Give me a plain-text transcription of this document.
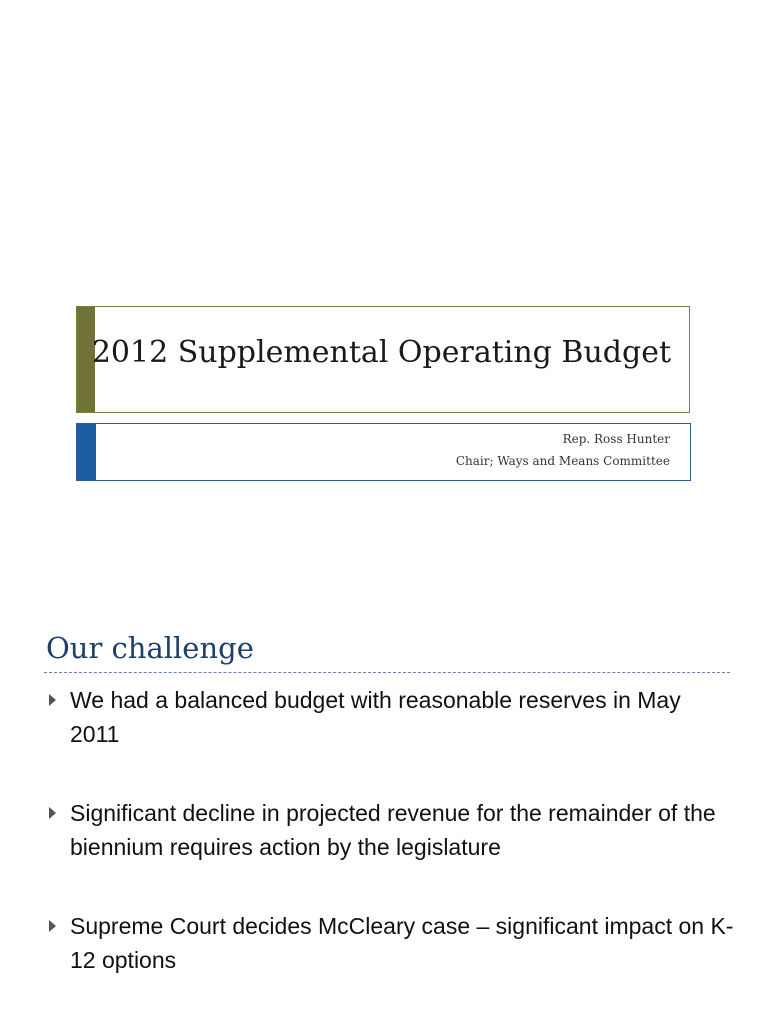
2012 Supplemental Operating Budget
Rep. Ross Hunter
Chair; Ways and Means Committee
Our challenge
We had a balanced budget with reasonable reserves in May 2011
Significant decline in projected revenue for the remainder of the biennium requires action by the legislature
Supreme Court decides McCleary case – significant impact on K-12 options
